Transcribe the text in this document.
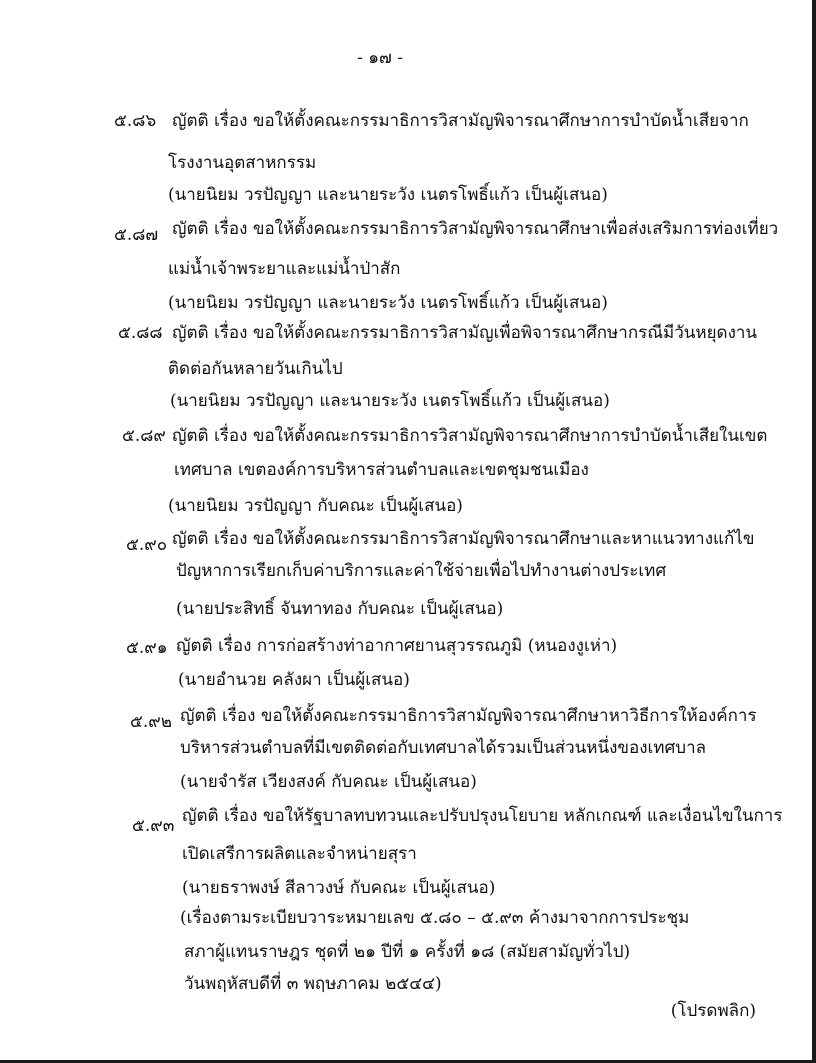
- ๑๗ -
๕.๘๖ ญัตติ เรื่อง ขอให้ตั้งคณะกรรมาธิการวิสามัญพิจารณาศึกษาการบำบัดน้ำเสียจาก
โรงงานอุตสาหกรรม
(นายนิยม วรปัญญา และนายระวัง เนตรโพธิ์แก้ว เป็นผู้เสนอ)
๕.๘๗ ญัตติ เรื่อง ขอให้ตั้งคณะกรรมาธิการวิสามัญพิจารณาศึกษาเพื่อส่งเสริมการท่องเที่ยว
แม่น้ำเจ้าพระยาและแม่น้ำป่าสัก
(นายนิยม วรปัญญา และนายระวัง เนตรโพธิ์แก้ว เป็นผู้เสนอ)
๕.๘๘ ญัตติ เรื่อง ขอให้ตั้งคณะกรรมาธิการวิสามัญเพื่อพิจารณาศึกษากรณีมีวันหยุดงาน
ติดต่อกันหลายวันเกินไป
(นายนิยม วรปัญญา และนายระวัง เนตรโพธิ์แก้ว เป็นผู้เสนอ)
๕.๘๙ ญัตติ เรื่อง ขอให้ตั้งคณะกรรมาธิการวิสามัญพิจารณาศึกษาการบำบัดน้ำเสียในเขต
เทศบาล เขตองค์การบริหารส่วนตำบลและเขตชุมชนเมือง
(นายนิยม วรปัญญา กับคณะ เป็นผู้เสนอ)
๕.๙๐ ญัตติ เรื่อง ขอให้ตั้งคณะกรรมาธิการวิสามัญพิจารณาศึกษาและหาแนวทางแก้ไข
ปัญหาการเรียกเก็บค่าบริการและค่าใช้จ่ายเพื่อไปทำงานต่างประเทศ
(นายประสิทธิ์ จันทาทอง กับคณะ เป็นผู้เสนอ)
๕.๙๑ ญัตติ เรื่อง การก่อสร้างท่าอากาศยานสุวรรณภูมิ (หนองงูเห่า)
(นายอำนวย คลังผา เป็นผู้เสนอ)
๕.๙๒ ญัตติ เรื่อง ขอให้ตั้งคณะกรรมาธิการวิสามัญพิจารณาศึกษาหาวิธีการให้องค์การ
บริหารส่วนตำบลที่มีเขตติดต่อกับเทศบาลได้รวมเป็นส่วนหนึ่งของเทศบาล
(นายจำรัส เวียงสงค์ กับคณะ เป็นผู้เสนอ)
๕.๙๓ ญัตติ เรื่อง ขอให้รัฐบาลทบทวนและปรับปรุงนโยบาย หลักเกณฑ์ และเงื่อนไขในการ
เปิดเสรีการผลิตและจำหน่ายสุรา
(นายธราพงษ์ สีลาวงษ์ กับคณะ เป็นผู้เสนอ)
(เรื่องตามระเบียบวาระหมายเลข ๕.๘๐ – ๕.๙๓ ค้างมาจากการประชุม
สภาผู้แทนราษฎร ชุดที่ ๒๑ ปีที่ ๑ ครั้งที่ ๑๘ (สมัยสามัญทั่วไป)
วันพฤหัสบดีที่ ๓ พฤษภาคม ๒๕๔๔)
(โปรดพลิก)
